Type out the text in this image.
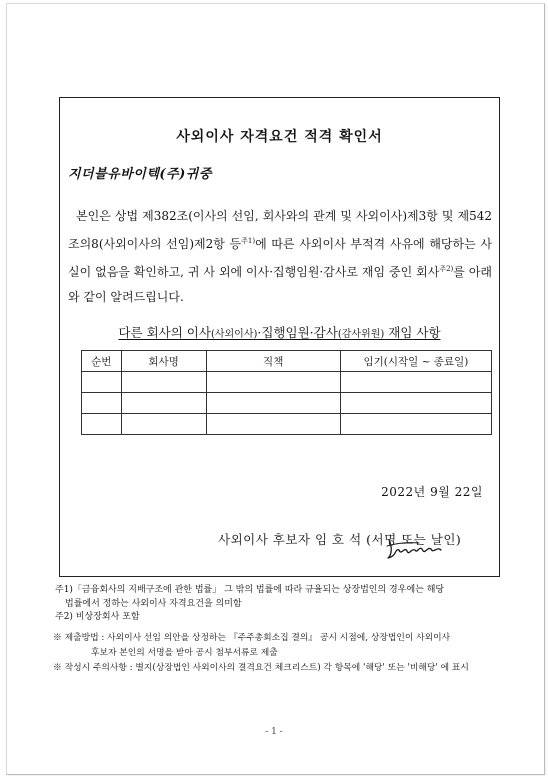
사외이사 자격요건 적격 확인서
지더블유바이텍(주)귀중
본인은 상법 제382조(이사의 선임, 회사와의 관계 및 사외이사)제3항 및 제542조의8(사외이사의 선임)제2항 등$^{주1)}$에 따른 사외이사 부적격 사유에 해당하는 사실이 없음을 확인하고, 귀 사 외에 이사·집행임원·감사로 재임 중인 회사$^{주2)}$를 아래와 같이 알려드립니다.
다른 회사의 이사(사외이사)·집행임원·감사(감사위원) 재임 사항
순번	회사명	직책	임기(시작일 ~ 종료일)

2022년 9월 22일
사외이사 후보자 임 호 석 (서명 또는 날인)
주1)「금융회사의 지배구조에 관한 법률」 그 밖의 법률에 따라 규율되는 상장법인의 경우에는 해당
법률에서 정하는 사외이사 자격요건을 의미함
주2) 비상장회사 포함
※ 제출방법 : 사외이사 선임 의안을 상정하는 『주주총회소집 결의』 공시 시점에, 상장법인이 사외이사
후보자 본인의 서명을 받아 공시 첨부서류로 제출
※ 작성시 주의사항 : 별지(상장법인 사외이사의 결격요건 체크리스트) 각 항목에 '해당' 또는 '비해당' 에 표시
- 1 -
